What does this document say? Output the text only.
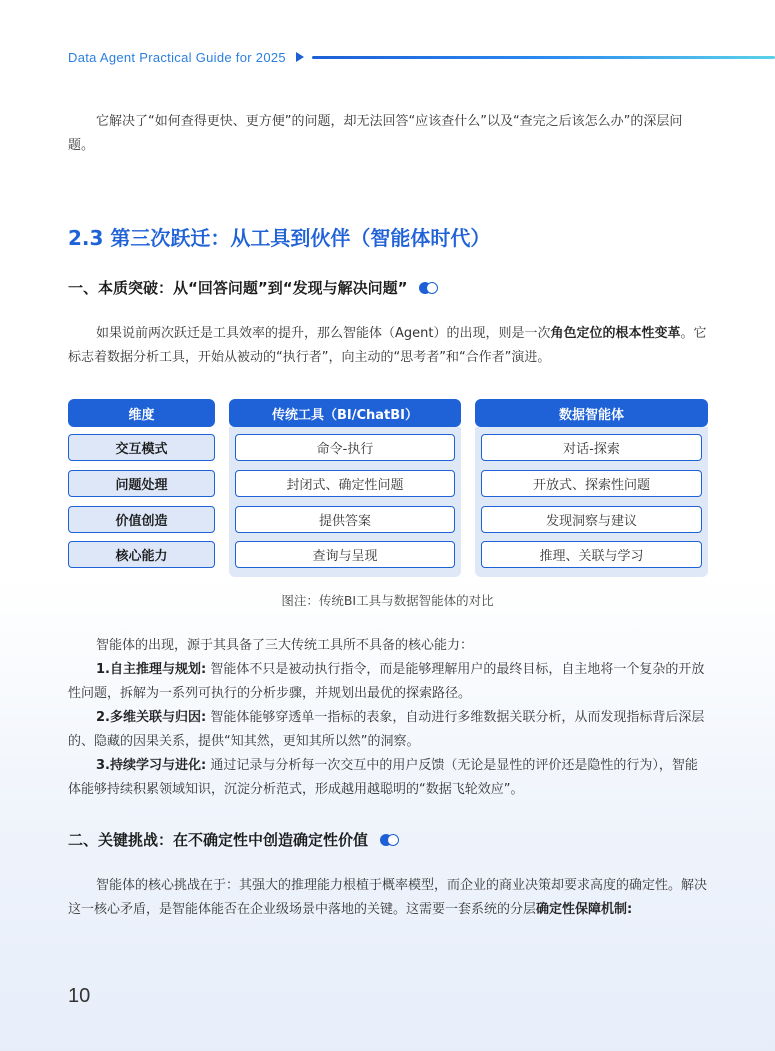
Data Agent Practical Guide for 2025

它解决了“如何查得更快、更方便”的问题，却无法回答“应该查什么”以及“查完之后该怎么办”的深层问题。

2.3 第三次跃迁：从工具到伙伴（智能体时代）
一、本质突破：从“回答问题”到“发现与解决问题”

如果说前两次跃迁是工具效率的提升，那么智能体（Agent）的出现，则是一次角色定位的根本性变革。它标志着数据分析工具，开始从被动的“执行者”，向主动的“思考者”和“合作者”演进。

维度
交互模式
问题处理
价值创造
核心能力
传统工具（BI/ChatBI）
命令-执行
封闭式、确定性问题
提供答案
查询与呈现
数据智能体
对话-探索
开放式、探索性问题
发现洞察与建议
推理、关联与学习
图注：传统BI工具与数据智能体的对比

智能体的出现，源于其具备了三大传统工具所不具备的核心能力：

1.自主推理与规划: 智能体不只是被动执行指令，而是能够理解用户的最终目标，自主地将一个复杂的开放性问题，拆解为一系列可执行的分析步骤，并规划出最优的探索路径。

2.多维关联与归因: 智能体能够穿透单一指标的表象，自动进行多维数据关联分析，从而发现指标背后深层的、隐藏的因果关系，提供“知其然，更知其所以然”的洞察。

3.持续学习与进化: 通过记录与分析每一次交互中的用户反馈（无论是显性的评价还是隐性的行为），智能体能够持续积累领域知识，沉淀分析范式，形成越用越聪明的“数据飞轮效应”。

二、关键挑战：在不确定性中创造确定性价值

智能体的核心挑战在于：其强大的推理能力根植于概率模型，而企业的商业决策却要求高度的确定性。解决这一核心矛盾，是智能体能否在企业级场景中落地的关键。这需要一套系统的分层确定性保障机制:

10
